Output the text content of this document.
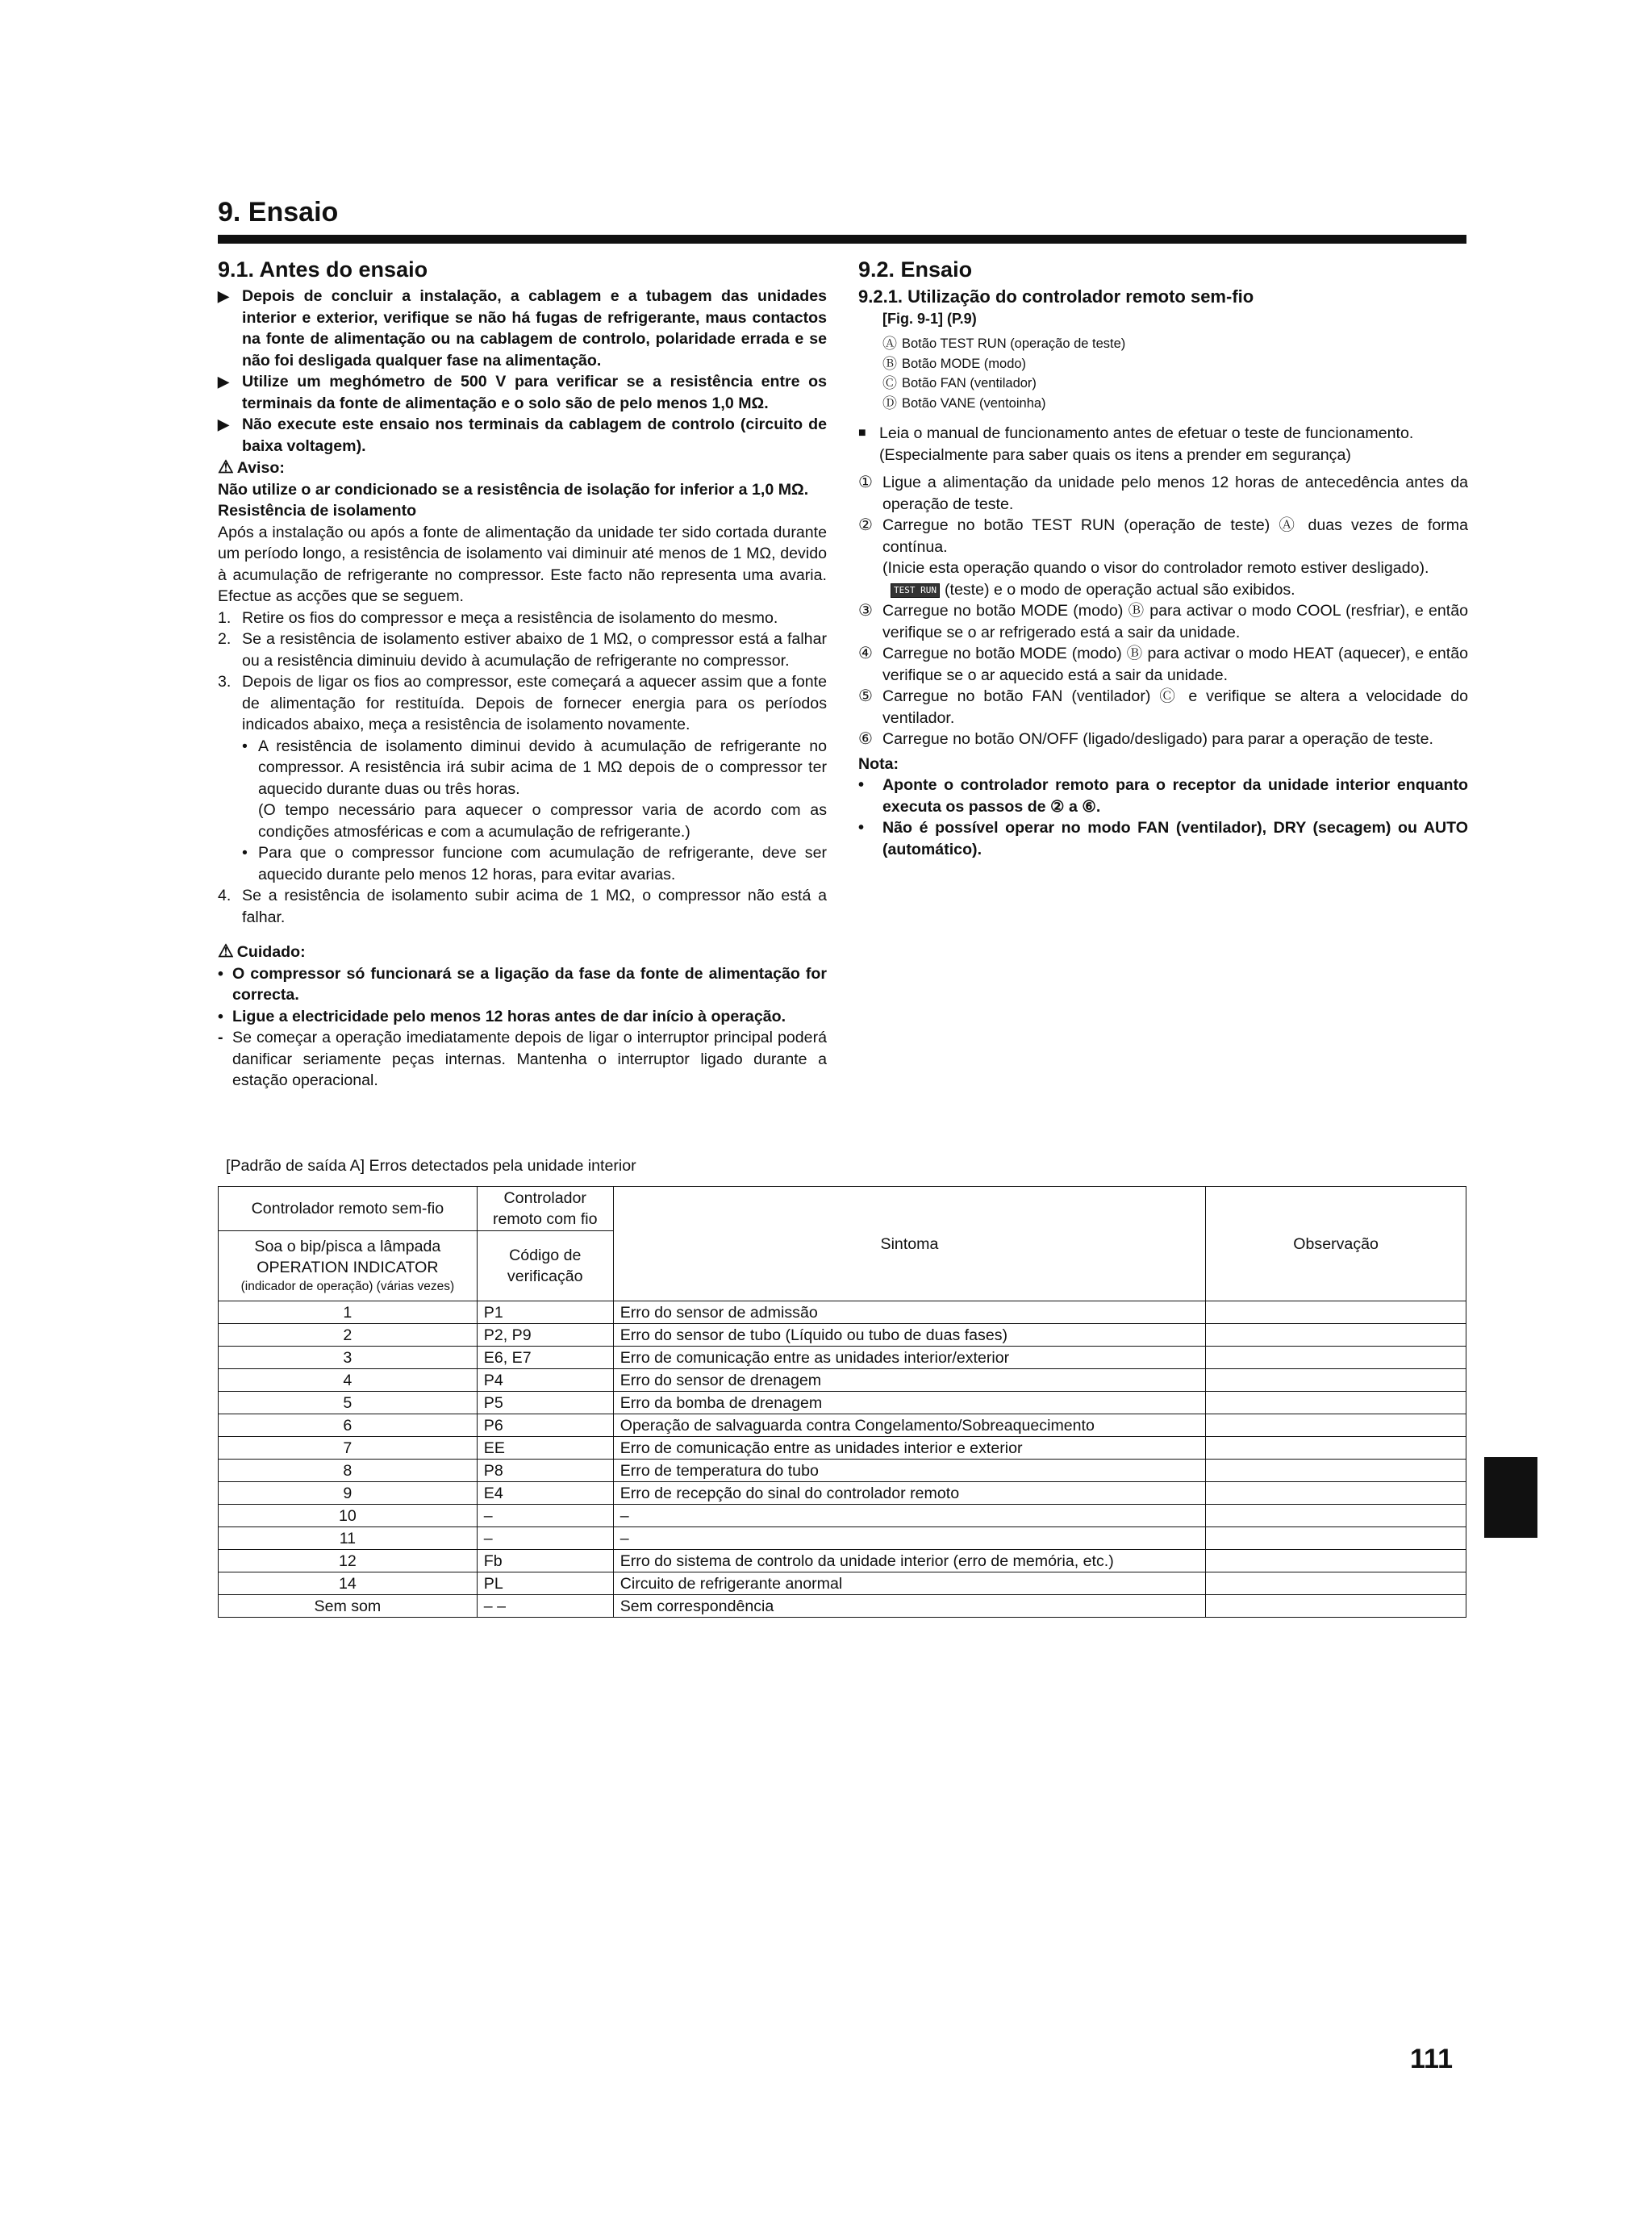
9. Ensaio
9.1. Antes do ensaio
▶ Depois de concluir a instalação, a cablagem e a tubagem das unidades interior e exterior, verifique se não há fugas de refrigerante, maus contactos na fonte de alimentação ou na cablagem de controlo, polaridade errada e se não foi desligada qualquer fase na alimentação.
▶ Utilize um meghómetro de 500 V para verificar se a resistência entre os terminais da fonte de alimentação e o solo são de pelo menos 1,0 MΩ.
▶ Não execute este ensaio nos terminais da cablagem de controlo (circuito de baixa voltagem).
⚠ Aviso:
Não utilize o ar condicionado se a resistência de isolação for inferior a 1,0 MΩ.
Resistência de isolamento
Após a instalação ou após a fonte de alimentação da unidade ter sido cortada durante um período longo, a resistência de isolamento vai diminuir até menos de 1 MΩ, devido à acumulação de refrigerante no compressor. Este facto não representa uma avaria. Efectue as acções que se seguem.
1. Retire os fios do compressor e meça a resistência de isolamento do mesmo.
2. Se a resistência de isolamento estiver abaixo de 1 MΩ, o compressor está a falhar ou a resistência diminuiu devido à acumulação de refrigerante no compressor.
3. Depois de ligar os fios ao compressor, este começará a aquecer assim que a fonte de alimentação for restituída. Depois de fornecer energia para os períodos indicados abaixo, meça a resistência de isolamento novamente.
• A resistência de isolamento diminui devido à acumulação de refrigerante no compressor. A resistência irá subir acima de 1 MΩ depois de o compressor ter aquecido durante duas ou três horas.
(O tempo necessário para aquecer o compressor varia de acordo com as condições atmosféricas e com a acumulação de refrigerante.)
• Para que o compressor funcione com acumulação de refrigerante, deve ser aquecido durante pelo menos 12 horas, para evitar avarias.
4. Se a resistência de isolamento subir acima de 1 MΩ, o compressor não está a falhar.
⚠ Cuidado:
• O compressor só funcionará se a ligação da fase da fonte de alimentação for correcta.
• Ligue a electricidade pelo menos 12 horas antes de dar início à operação.
- Se começar a operação imediatamente depois de ligar o interruptor principal poderá danificar seriamente peças internas. Mantenha o interruptor ligado durante a estação operacional.
9.2. Ensaio
9.2.1. Utilização do controlador remoto sem-fio
[Fig. 9-1] (P.9)
Ⓐ Botão TEST RUN (operação de teste)
Ⓑ Botão MODE (modo)
Ⓒ Botão FAN (ventilador)
Ⓓ Botão VANE (ventoinha)
■ Leia o manual de funcionamento antes de efetuar o teste de funcionamento.
(Especialmente para saber quais os itens a prender em segurança)
① Ligue a alimentação da unidade pelo menos 12 horas de antecedência antes da operação de teste.
② Carregue no botão TEST RUN (operação de teste) Ⓐ duas vezes de forma contínua.
(Inicie esta operação quando o visor do controlador remoto estiver desligado).
TEST RUN (teste) e o modo de operação actual são exibidos.
③ Carregue no botão MODE (modo) Ⓑ para activar o modo COOL (resfriar), e então verifique se o ar refrigerado está a sair da unidade.
④ Carregue no botão MODE (modo) Ⓑ para activar o modo HEAT (aquecer), e então verifique se o ar aquecido está a sair da unidade.
⑤ Carregue no botão FAN (ventilador) Ⓒ e verifique se altera a velocidade do ventilador.
⑥ Carregue no botão ON/OFF (ligado/desligado) para parar a operação de teste.
Nota:
•	Aponte o controlador remoto para o receptor da unidade interior enquanto executa os passos de ② a ⑥.
•	Não é possível operar no modo FAN (ventilador), DRY (secagem) ou AUTO (automático).
[Padrão de saída A] Erros detectados pela unidade interior
Controlador remoto sem-fio	Controlador remoto com fio	Sintoma	Observação

Soa o bip/pisca a lâmpada OPERATION INDICATOR
(indicador de operação) (várias vezes)	Código de verificação		
1	P1	Erro do sensor de admissão	
2	P2, P9	Erro do sensor de tubo (Líquido ou tubo de duas fases)	
3	E6, E7	Erro de comunicação entre as unidades interior/exterior	
4	P4	Erro do sensor de drenagem	
5	P5	Erro da bomba de drenagem	
6	P6	Operação de salvaguarda contra Congelamento/Sobreaquecimento	
7	EE	Erro de comunicação entre as unidades interior e exterior	
8	P8	Erro de temperatura do tubo	
9	E4	Erro de recepção do sinal do controlador remoto	
10	–	–	
11	–	–	
12	Fb	Erro do sistema de controlo da unidade interior (erro de memória, etc.)	
14	PL	Circuito de refrigerante anormal	
Sem som	– –	Sem correspondência	
111
